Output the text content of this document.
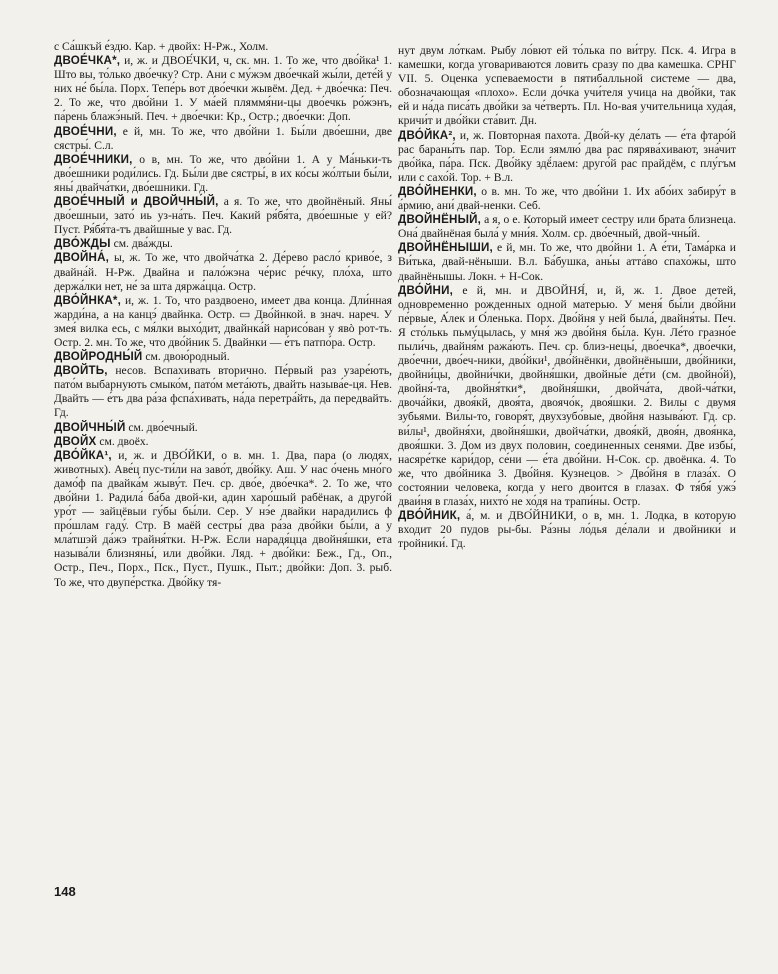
с Са́шкъй е́здю. Кар. + двойх: Н-Рж., Холм.

ДВОЕ́ЧКА*, и, ж. и ДВОЕ́ЧКИ, ч, ск. мн. 1. То же, что дво́йка¹ 1. Што вы, то́лько дво́ечку? Стр. Ани с му́жэм дво́ечкай жы́ли, дете́й у них не́ бы́ла. Порх. Тепе́рь вот дво́ечки жывём. Дед. + дво́ечка: Печ. 2. То же, что дво́йни 1. У ма́ей пляммя́ни-цы дво́ечкь ро́жэнъ, па́рень блажэ́ный. Печ. + дво́ечки: Кр., Остр.; дво́ечки: Доп.

ДВОЕ́ЧНИ, е й, мн. То же, что дво́йни 1. Бы́ли дво́ешни, две сястры́. С.л.

ДВОЕ́ЧНИКИ, о в, мн. То же, что дво́йни 1. А у Ма́ньки-ть дво́ешники роди́лись. Гд. Бы́ли две сястры́, в их ко́сы жо́лтыи бы́ли, яны́ двайча́тки, дво́ешники. Гд.

ДВОЕ́ЧНЫЙ и ДВОЙЧНЫ́Й, а я. То же, что двойнёный. Яны́ дво́ешныи, зато́ иь уз-на́ть. Печ. Какий ря́бя́та, дво́ешные у ей? Пуст. Ря́бя́та-тъ двайшные у вас. Гд.

ДВО́ЖДЫ см. два́жды.

ДВОЙНА́, ы, ж. То же, что двойча́тка 2. Де́рево расло́ криво́е, з двайна́й. Н-Рж. Двайна и пало́жэна че́рис ре́чку, пло́ха, што держа́лки нет, не́ за шта дяржа́цца. Остр.

ДВО́ЙНКА*, и, ж. 1. То, что раздвоено, имеет два конца. Дли́нная жарди́на, а на канцэ́ двайнка. Остр. ▭ Дво́йнкой. в знач. нареч. У змея́ вилка есь, с мя́лки выхо́дит, двайнка́й нарисо́ван у явò рот-ть. Остр. 2. мн. То же, что дво́йник 5. Двайнки — е́тъ патпо́ра. Остр.

ДВОЙРОДНЫ́Й см. двою́родный.

ДВОЙТЬ, несов. Вспахивать вторично. Пе́рвый раз узаре́ють, пато́м выбарнують смыко́м, пато́м мета́ють, двайть называ́е-ця. Нев. Двайть — е́тъ два ра́за фспа́хивать, на́да перетра́йть, да передвайть. Гд.

ДВОЙЧНЫ́Й см. дво́ечный.

ДВОЙХ см. двоёх.

ДВО́ЙКА¹, и, ж. и ДВО́ЙКИ, о в. мн. 1. Два, пара (о людях, животных). Аве́ц пус-ти́ли на заво́т, дво́йку. Аш. У нас о́чень мно́го дамо́ф па двайка́м жыву́т. Печ. ср. дво́е, дво́ечка*. 2. То же, что дво́йни 1. Радила́ ба́ба двой-ки, адин харо́шый рабёнак, а друго́й уро́т — зайцёвыи гу́бы бы́ли. Сер. У нэ́е двайки нарадились ф про́шлам гаду́. Стр. В маёй сестры́ два ра́за дво́йки бы́ли, а у мла́тшэй да́жэ трайня́тки. Н-Рж. Если нарадя́цца двойня́шки, ета называ́ли близняны́, или дво́йки. Ляд. + дво́йки: Беж., Гд., Оп., Остр., Печ., Порх., Пск., Пуст., Пушк., Пыт.; дво́йки: Доп. 3. рыб. То же, что двупе́рстка. Дво́йку тя-

нут двум ло́ткам. Рыбу ло́вют ей то́лька по ви́тру. Пск. 4. Игра в камешки, когда уговариваются ловить сразу по два камешка. СРНГ VII. 5. Оценка успеваемости в пятибалльной системе — два, обозначающая «плохо». Если до́чка учи́теля учица на дво́йки, так ей и на́да писа́ть дво́йки за че́тверть. Пл. Но-вая учительница худа́я, кричи́т и дво́йки ста́вит. Дн.

ДВО́ЙКА², и, ж. Повторная пахота. Дво́й-ку де́лать — е́та фтаро́й рас бараны́ть пар. Тор. Если зямлю́ два рас пярява́хивают, зна́чит дво́йка, па́ра. Пск. Дво́йку здё́лаем: друго́й рас прайдём, с плу́гъм или с сахо́й. Тор. + В.л.

ДВО́ЙНЕНКИ, о в. мн. То же, что дво́йни 1. Их або́их забиру́т в а́рмию, ани́ двай-ненки. Себ.

ДВОЙНЁНЫЙ, а я, о е. Который имеет сестру или брата близнеца. Она́ двайнёная была́ у мни́я. Холм. ср. дво́ечный, двой-чны́й.

ДВОЙНЁНЫШИ, е й, мн. То же, что дво́йни 1. А е́ти, Тама́рка и Ви́тька, двай-нёныши. В.л. Ба́бушка, ань́ы атта́во спахо́жы, што двайнёнышы. Локн. + Н-Сок.

ДВО́ЙНИ, е й, мн. и ДВОЙНЯ́, и, й, ж. 1. Двое детей, одновременно рожденных одной матерью. У меня́ бы́ли дво́йни пе́рвые, А́лек и О́ленька. Порх. Дво́йня у ней была́, двайня́ты. Печ. Я сто́лькь пьму́цылась, у мня́ жэ дво́йня бы́ла. Кун. Ле́то гразно́е пыли́чь, двайня́м ража́ють. Печ. ср. близ-нецы́, дво́ечка*, дво́ечки, дво́ечни, дво́еч-ники, дво́йки¹, дво́йнёнки, двойнёныши, дво́йники, двойни́цы, двойни́чки, двойня́шки, двойны́е де́ти (см. двойно́й), двойня́-та, двойня́тки*, двойня́шки, двойча́та, двой-ча́тки, двоча́йки, двоя́кй, двоя́та, двоячо́к, двоя́шки. 2. Вилы с двумя зубьями. Ви́лы-то, говоря́т, двухзубо́вые, дво́йня называ́ют. Гд. ср. ви́лы¹, двойня́хи, двойня́шки, двойча́тки, двоя́кй, двоя́н, двоя́нка, двоя́шки. 3. Дом из двух половин, соединенных сенями. Две избы́, насяре́тке кари́дор, се́ни — е́та дво́йни. Н-Сок. ср. двоёнка. 4. То же, что дво́йника 3. Дво́йня. Кузнецов. > Дво́йня в глаза́х. О состоянии человека, когда у него двоится в глазах. Ф тя́бя́ ужэ́ дваи́ня в глаза́х, нихто́ не хо́дя на трапи́ны. Остр.

ДВО́ЙНИК, а́, м. и ДВО́ЙНИКИ, о в, мн. 1. Лодка, в которую входит 20 пудов ры-бы. Ра́зны ло́дья де́лали и двойники́ и тройники́. Гд.

148
